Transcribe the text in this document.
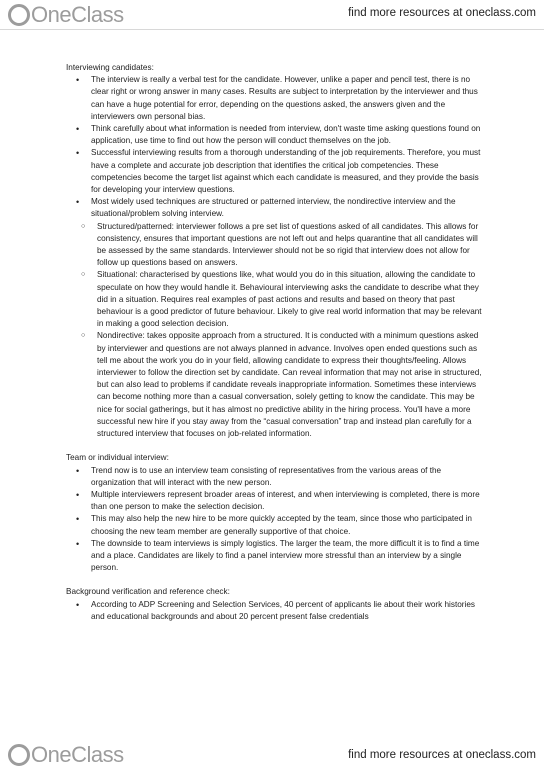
OneClass	find more resources at oneclass.com
Interviewing candidates:
• The interview is really a verbal test for the candidate. However, unlike a paper and pencil test, there is no clear right or wrong answer in many cases. Results are subject to interpretation by the interviewer and thus can have a huge potential for error, depending on the questions asked, the answers given and the interviewers own personal bias.
• Think carefully about what information is needed from interview, don't waste time asking questions found on application, use time to find out how the person will conduct themselves on the job.
• Successful interviewing results from a thorough understanding of the job requirements. Therefore, you must have a complete and accurate job description that identifies the critical job competencies. These competencies become the target list against which each candidate is measured, and they provide the basis for developing your interview questions.
• Most widely used techniques are structured or patterned interview, the nondirective interview and the situational/problem solving interview.
○ Structured/patterned: interviewer follows a pre set list of questions asked of all candidates. This allows for consistency, ensures that important questions are not left out and helps quarantine that all candidates will be assessed by the same standards. Interviewer should not be so rigid that interview does not allow for follow up questions based on answers.
○ Situational: characterised by questions like, what would you do in this situation, allowing the candidate to speculate on how they would handle it. Behavioural interviewing asks the candidate to describe what they did in a situation. Requires real examples of past actions and results and based on theory that past behaviour is a good predictor of future behaviour. Likely to give real world information that may be relevant in making a good selection decision.
○ Nondirective: takes opposite approach from a structured. It is conducted with a minimum questions asked by interviewer and questions are not always planned in advance. Involves open ended questions such as tell me about the work you do in your field, allowing candidate to express their thoughts/feeling. Allows interviewer to follow the direction set by candidate. Can reveal information that may not arise in structured, but can also lead to problems if candidate reveals inappropriate information. Sometimes these interviews can become nothing more than a casual conversation, solely getting to know the candidate. This may be nice for social gatherings, but it has almost no predictive ability in the hiring process. You'll have a more successful new hire if you stay away from the “casual conversation” trap and instead plan carefully for a structured interview that focuses on job-related information.
Team or individual interview:
• Trend now is to use an interview team consisting of representatives from the various areas of the organization that will interact with the new person.
• Multiple interviewers represent broader areas of interest, and when interviewing is completed, there is more than one person to make the selection decision.
• This may also help the new hire to be more quickly accepted by the team, since those who participated in choosing the new team member are generally supportive of that choice.
• The downside to team interviews is simply logistics. The larger the team, the more difficult it is to find a time and a place. Candidates are likely to find a panel interview more stressful than an interview by a single person.
Background verification and reference check:
• According to ADP Screening and Selection Services, 40 percent of applicants lie about their work histories and educational backgrounds and about 20 percent present false credentials
OneClass	find more resources at oneclass.com
